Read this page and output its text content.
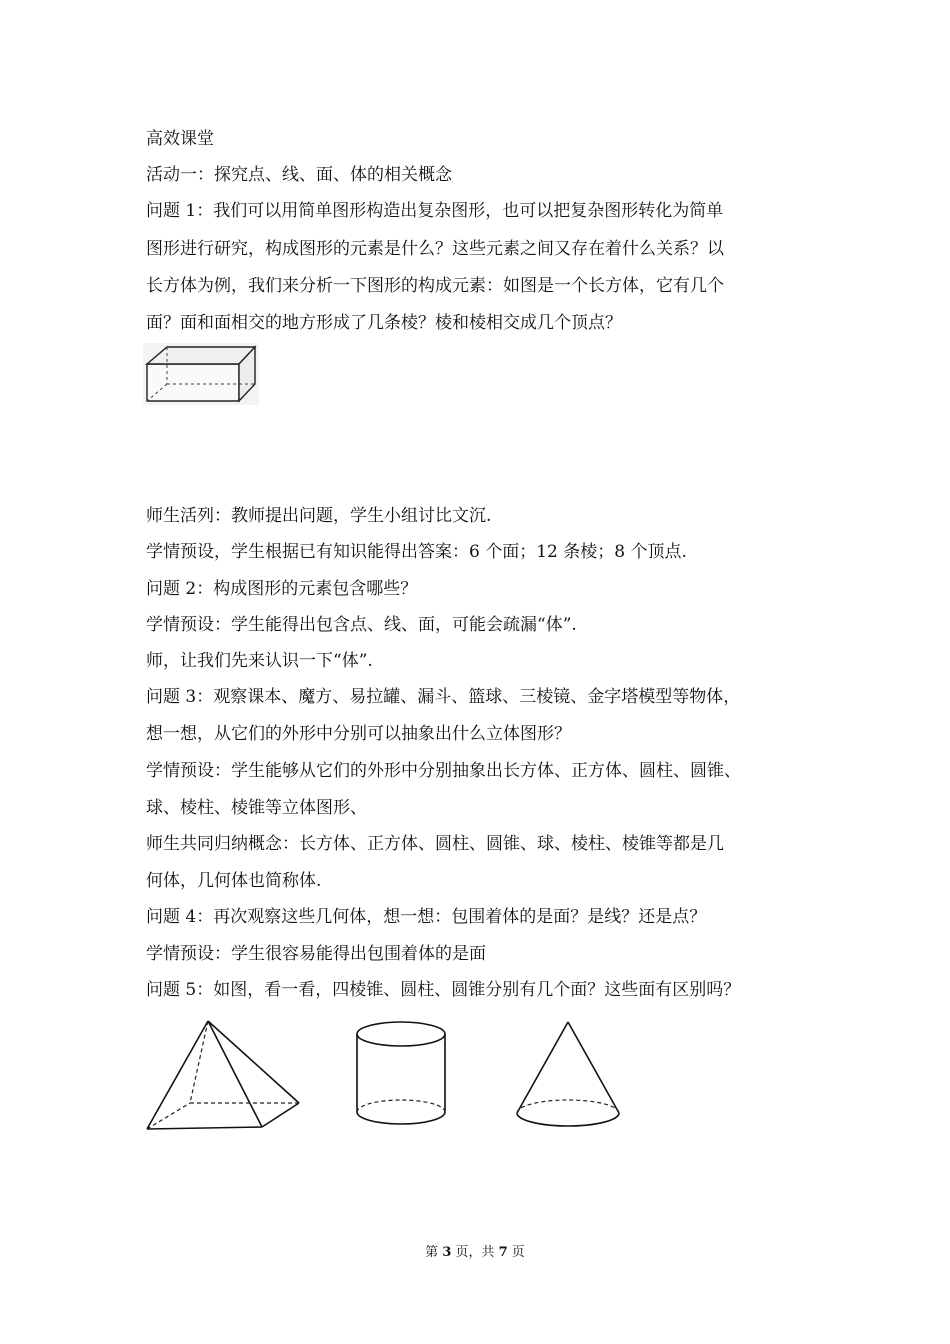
高效课堂
活动一：探究点、线、面、体的相关概念
问题 1：我们可以用简单图形构造出复杂图形，也可以把复杂图形转化为简单
图形进行研究，构成图形的元素是什么？这些元素之间又存在着什么关系？以
长方体为例，我们来分析一下图形的构成元素：如图是一个长方体，它有几个
面？面和面相交的地方形成了几条棱？棱和棱相交成几个顶点？
师生活列：教师提出问题，学生小组讨比文沉.
学情预设，学生根据已有知识能得出答案：6 个面；12 条棱；8 个顶点.
问题 2：构成图形的元素包含哪些？
学情预设：学生能得出包含点、线、面，可能会疏漏“体”.
师，让我们先来认识一下“体”.
问题 3：观察课本、魔方、易拉罐、漏斗、篮球、三棱镜、金字塔模型等物体，
想一想，从它们的外形中分别可以抽象出什么立体图形？
学情预设：学生能够从它们的外形中分别抽象出长方体、正方体、圆柱、圆锥、
球、棱柱、棱锥等立体图形、
师生共同归纳概念：长方体、正方体、圆柱、圆锥、球、棱柱、棱锥等都是几
何体，几何体也简称体.
问题 4：再次观察这些几何体，想一想：包围着体的是面？是线？还是点？
学情预设：学生很容易能得出包围着体的是面
问题 5：如图，看一看，四棱锥、圆柱、圆锥分别有几个面？这些面有区别吗？
第 3 页，共 7 页
